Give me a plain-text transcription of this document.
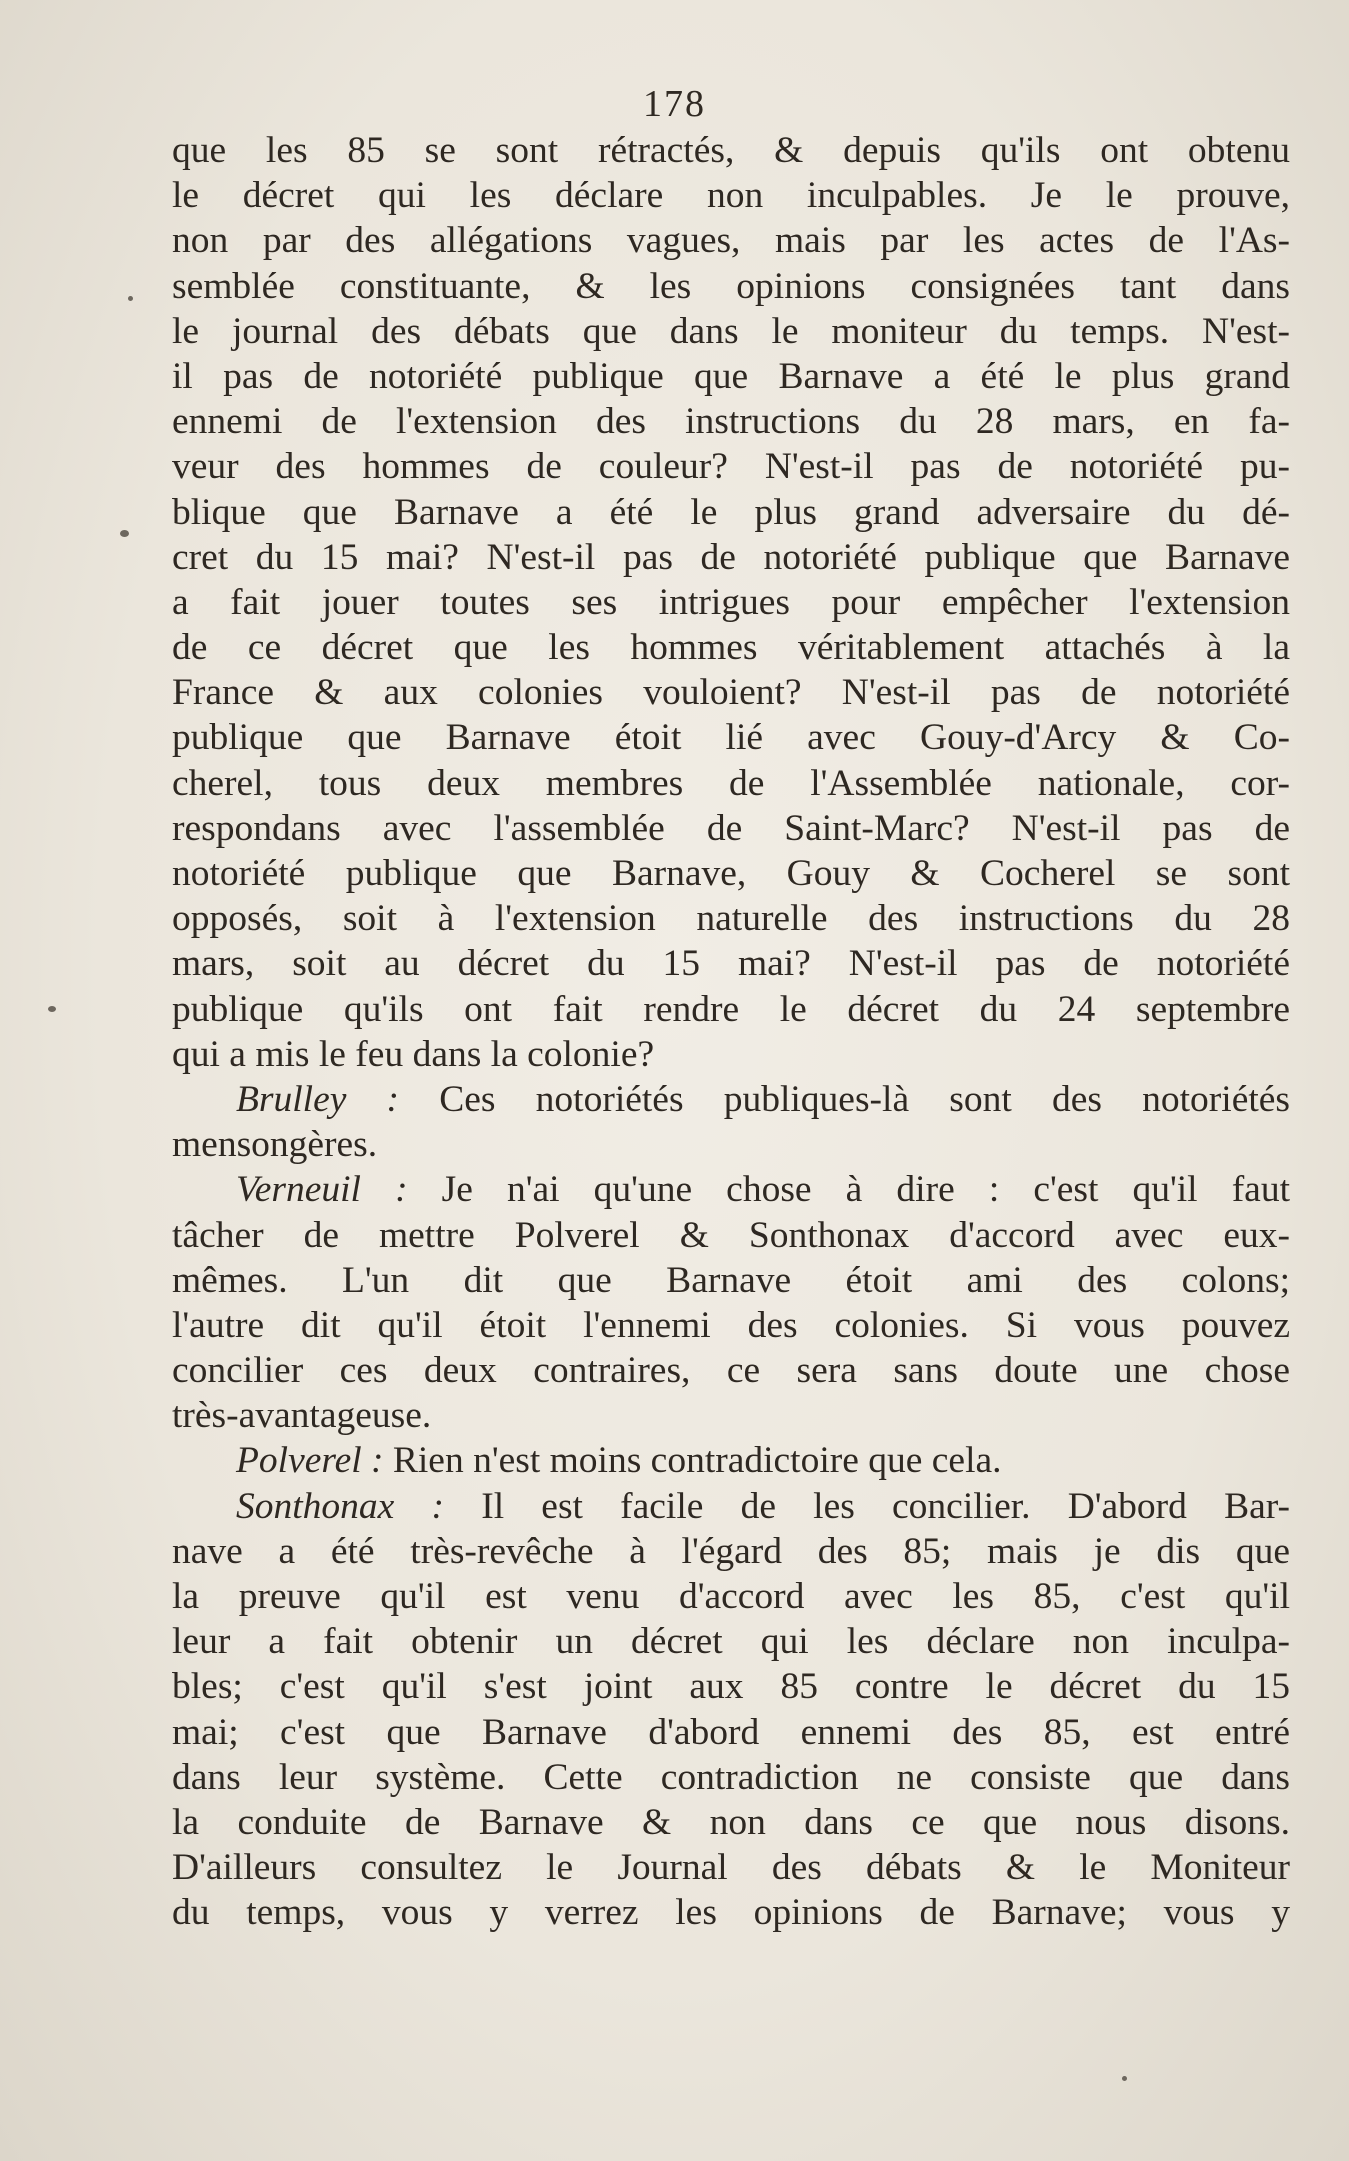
178
que les 85 se sont rétractés, & depuis qu'ils ont obtenu
le décret qui les déclare non inculpables. Je le prouve,
non par des allégations vagues, mais par les actes de l'As-
semblée constituante, & les opinions consignées tant dans
le journal des débats que dans le moniteur du temps. N'est-
il pas de notoriété publique que Barnave a été le plus grand
ennemi de l'extension des instructions du 28 mars, en fa-
veur des hommes de couleur? N'est-il pas de notoriété pu-
blique que Barnave a été le plus grand adversaire du dé-
cret du 15 mai? N'est-il pas de notoriété publique que Barnave
a fait jouer toutes ses intrigues pour empêcher l'extension
de ce décret que les hommes véritablement attachés à la
France & aux colonies vouloient? N'est-il pas de notoriété
publique que Barnave étoit lié avec Gouy-d'Arcy & Co-
cherel, tous deux membres de l'Assemblée nationale, cor-
respondans avec l'assemblée de Saint-Marc? N'est-il pas de
notoriété publique que Barnave, Gouy & Cocherel se sont
opposés, soit à l'extension naturelle des instructions du 28
mars, soit au décret du 15 mai? N'est-il pas de notoriété
publique qu'ils ont fait rendre le décret du 24 septembre
qui a mis le feu dans la colonie?
Brulley : Ces notoriétés publiques-là sont des notoriétés
mensongères.
Verneuil : Je n'ai qu'une chose à dire : c'est qu'il faut
tâcher de mettre Polverel & Sonthonax d'accord avec eux-
mêmes. L'un dit que Barnave étoit ami des colons;
l'autre dit qu'il étoit l'ennemi des colonies. Si vous pouvez
concilier ces deux contraires, ce sera sans doute une chose
très-avantageuse.
Polverel : Rien n'est moins contradictoire que cela.
Sonthonax : Il est facile de les concilier. D'abord Bar-
nave a été très-revêche à l'égard des 85; mais je dis que
la preuve qu'il est venu d'accord avec les 85, c'est qu'il
leur a fait obtenir un décret qui les déclare non inculpa-
bles; c'est qu'il s'est joint aux 85 contre le décret du 15
mai; c'est que Barnave d'abord ennemi des 85, est entré
dans leur système. Cette contradiction ne consiste que dans
la conduite de Barnave & non dans ce que nous disons.
D'ailleurs consultez le Journal des débats & le Moniteur
du temps, vous y verrez les opinions de Barnave; vous y
